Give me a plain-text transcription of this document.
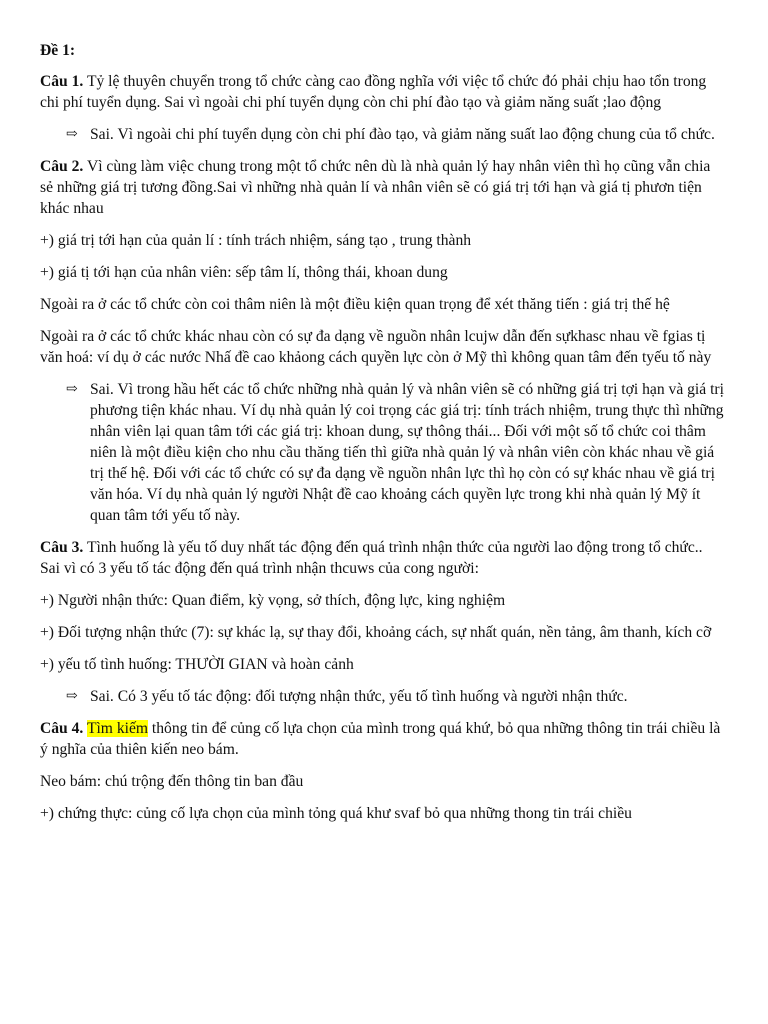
Đề 1:

Câu 1. Tỷ lệ thuyên chuyển trong tổ chức càng cao đồng nghĩa với việc tổ chức đó phải chịu hao tổn trong chi phí tuyển dụng. Sai vì ngoài chi phí tuyển dụng còn chi phí đào tạo và giảm năng suất ;lao động

⇨ Sai. Vì ngoài chi phí tuyển dụng còn chi phí đào tạo, và giảm năng suất lao động chung của tổ chức.

Câu 2. Vì cùng làm việc chung trong một tổ chức nên dù là nhà quản lý hay nhân viên thì họ cũng vẫn chia sẻ những giá trị tương đồng.Sai vì những nhà quản lí và nhân viên sẽ có giá trị tới hạn và giá tị phươn tiện khác nhau

+) giá trị tới hạn của quản lí : tính trách nhiệm, sáng tạo , trung thành

+) giá tị tới hạn của nhân viên: sếp tâm lí, thông thái, khoan dung

Ngoài ra ở các tổ chức còn coi thâm niên là một điều kiện quan trọng để xét thăng tiến : giá trị thế hệ

Ngoài ra ở các tổ chức khác nhau còn có sự đa dạng về nguồn nhân lcujw dẫn đến sựkhasc nhau về fgias tị văn hoá: ví dụ ở các nước Nhấ đề cao khảong cách quyền lực còn ở Mỹ thì không quan tâm đến tyếu tố này

⇨ Sai. Vì trong hầu hết các tổ chức những nhà quản lý và nhân viên sẽ có những giá trị tợi hạn và giá trị phương tiện khác nhau. Ví dụ nhà quản lý coi trọng các giá trị: tính trách nhiệm, trung thực thì những nhân viên lại quan tâm tới các giá trị: khoan dung, sự thông thái... Đối với một số tổ chức coi thâm niên là một điều kiện cho nhu cầu thăng tiến thì giữa nhà quản lý và nhân viên còn khác nhau về giá trị thế hệ. Đối với các tổ chức có sự đa dạng về nguồn nhân lực thì họ còn có sự khác nhau về giá trị văn hóa. Ví dụ nhà quản lý người Nhật đề cao khoảng cách quyền lực trong khi nhà quản lý Mỹ ít quan tâm tới yếu tố này.

Câu 3. Tình huống là yếu tố duy nhất tác động đến quá trình nhận thức của người lao động trong tổ chức.. Sai vì có 3 yếu tố tác động đến quá trình nhận thcuws của cong người:

+) Người nhận thức: Quan điểm, kỳ vọng, sở thích, động lực, king nghiệm

+) Đối tượng nhận thức (7): sự khác lạ, sự thay đổi, khoảng cách, sự nhất quán, nền tảng, âm thanh, kích cỡ

+) yếu tố tình huống: THƯỜI GIAN và hoàn cảnh

⇨ Sai. Có 3 yếu tố tác động: đối tượng nhận thức, yếu tố tình huống và người nhận thức.

Câu 4. Tìm kiếm thông tin để củng cố lựa chọn của mình trong quá khứ, bỏ qua những thông tin trái chiều là ý nghĩa của thiên kiến neo bám.

Neo bám: chú trộng đến thông tin ban đầu

+) chứng thực: củng cố lựa chọn của mình tỏng quá khư svaf bỏ qua những thong tin trái chiều
